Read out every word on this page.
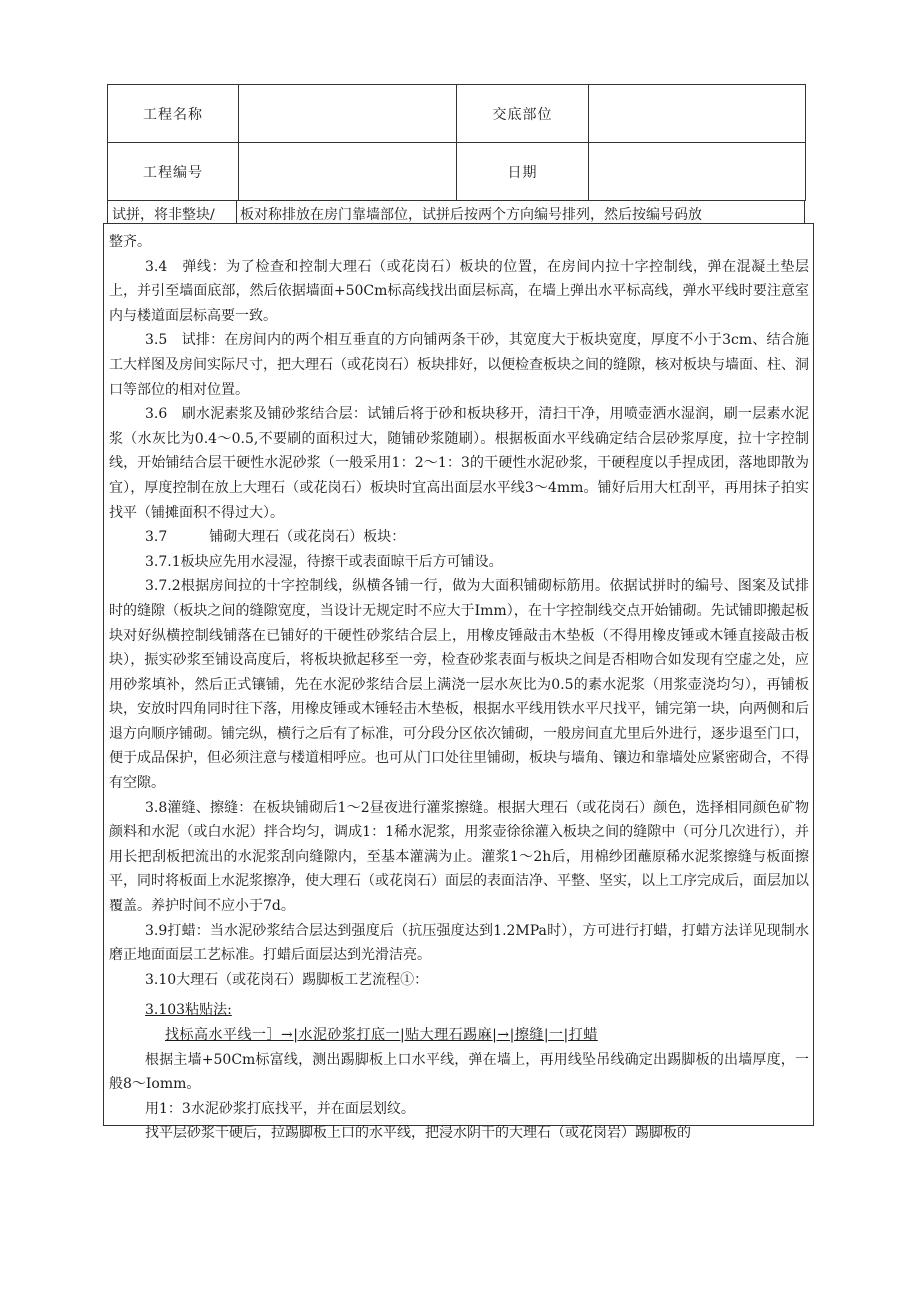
工程名称		交底部位	
工程编号		日期	
试拼，将非整块/ 板对称排放在房门靠墙部位，试拼后按两个方向编号排列，然后按编号码放

整齐。

3.4　弹线：为了检查和控制大理石（或花岗石）板块的位置，在房间内拉十字控制线，弹在混凝土垫层上，并引至墙面底部，然后依据墙面+50Cm标高线找出面层标高，在墙上弹出水平标高线，弹水平线时要注意室内与楼道面层标高要一致。

3.5　试排：在房间内的两个相互垂直的方向铺两条干砂，其宽度大于板块宽度，厚度不小于3cm、结合施工大样图及房间实际尺寸，把大理石（或花岗石）板块排好，以便检查板块之间的缝隙，核对板块与墙面、柱、洞口等部位的相对位置。

3.6　刷水泥素浆及铺砂浆结合层：试铺后将于砂和板块移开，清扫干净，用喷壶洒水湿润，刷一层素水泥浆（水灰比为0.4～0.5,不要刷的面积过大，随铺砂浆随刷）。根据板面水平线确定结合层砂浆厚度，拉十字控制线，开始铺结合层干硬性水泥砂浆（一般采用1：2～1：3的干硬性水泥砂浆，干硬程度以手捏成团，落地即散为宜），厚度控制在放上大理石（或花岗石）板块时宜高出面层水平线3～4mm。铺好后用大杠刮平，再用抹子拍实找平（铺摊面积不得过大）。

3.7　　　铺砌大理石（或花岗石）板块：

3.7.1板块应先用水浸湿，待擦干或表面晾干后方可铺设。

3.7.2根据房间拉的十字控制线，纵横各铺一行，做为大面积铺砌标筋用。依据试拼时的编号、图案及试排时的缝隙（板块之间的缝隙宽度，当设计无规定时不应大于Imm），在十字控制线交点开始铺砌。先试铺即搬起板块对好纵横控制线铺落在已铺好的干硬性砂浆结合层上，用橡皮锤敲击木垫板（不得用橡皮锤或木锤直接敲击板块），振实砂浆至铺设高度后，将板块掀起移至一旁，检查砂浆表面与板块之间是否相吻合如发现有空虚之处，应用砂浆填补，然后正式镶铺，先在水泥砂浆结合层上满浇一层水灰比为0.5的素水泥浆（用浆壶浇均匀），再铺板块，安放时四角同时往下落，用橡皮锤或木锤轻击木垫板，根据水平线用铁水平尺找平，铺完第一块，向两侧和后退方向顺序铺砌。铺完纵，横行之后有了标准，可分段分区依次铺砌，一般房间直尤里后外进行，逐步退至门口，便于成品保护，但必须注意与楼道相呼应。也可从门口处往里铺砌，板块与墙角、镶边和靠墙处应紧密砌合，不得有空隙。

3.8灌缝、擦缝：在板块铺砌后1～2昼夜进行灌浆擦缝。根据大理石（或花岗石）颜色，选择相同颜色矿物颜料和水泥（或白水泥）拌合均匀，调成1：1稀水泥浆，用浆壶徐徐灌入板块之间的缝隙中（可分几次进行），并用长把刮板把流出的水泥浆刮向缝隙内，至基本灌满为止。灌浆1～2h后，用棉纱团蘸原稀水泥浆擦缝与板面擦平，同时将板面上水泥浆擦净，使大理石（或花岗石）面层的表面洁净、平整、坚实，以上工序完成后，面层加以覆盖。养护时间不应小于7d。

3.9打蜡：当水泥砂浆结合层达到强度后（抗压强度达到1.2MPa时），方可进行打蜡，打蜡方法详见现制水磨正地面面层工艺标准。打蜡后面层达到光滑洁亮。

3.10大理石（或花岗石）踢脚板工艺流程①：

3.103粘贴法:

找标高水平线一］→|水泥砂浆打底一|贴大理石踢麻|→|擦缝|一|打蜡

根据主墙+50Cm标富线，测出踢脚板上口水平线，弹在墙上，再用线坠吊线确定出踢脚板的出墙厚度，一般8～Iomm。

用1：3水泥砂浆打底找平，并在面层划纹。

找平层砂浆干硬后，拉踢脚板上口的水平线，把浸水阴干的大理石（或花岗岩）踢脚板的
